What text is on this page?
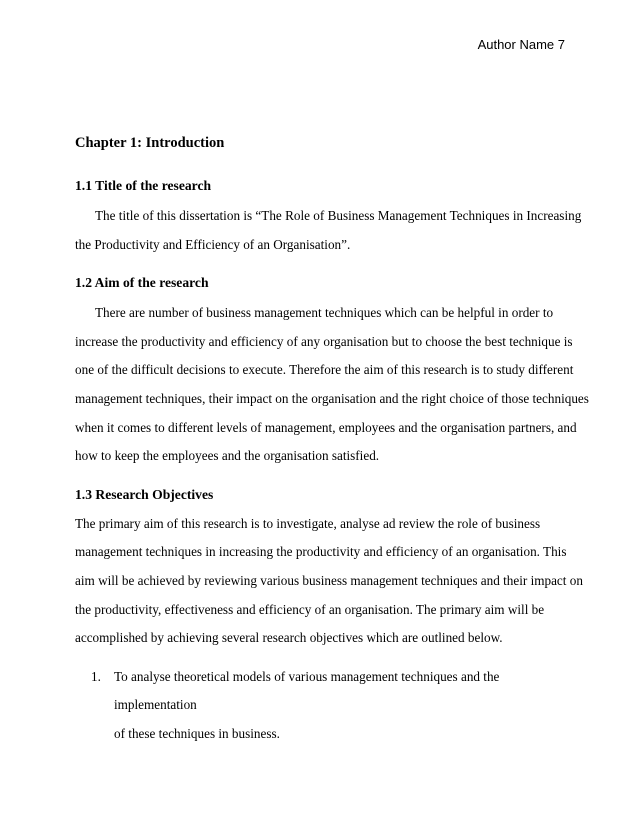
Author Name 7
Chapter 1: Introduction
1.1 Title of the research

The title of this dissertation is “The Role of Business Management Techniques in Increasing
the Productivity and Efficiency of an Organisation”.

1.2 Aim of the research

There are number of business management techniques which can be helpful in order to
increase the productivity and efficiency of any organisation but to choose the best technique is
one of the difficult decisions to execute. Therefore the aim of this research is to study different
management techniques, their impact on the organisation and the right choice of those techniques
when it comes to different levels of management, employees and the organisation partners, and
how to keep the employees and the organisation satisfied.

1.3 Research Objectives

The primary aim of this research is to investigate, analyse ad review the role of business
management techniques in increasing the productivity and efficiency of an organisation. This
aim will be achieved by reviewing various business management techniques and their impact on
the productivity, effectiveness and efficiency of an organisation. The primary aim will be
accomplished by achieving several research objectives which are outlined below.

1. To analyse theoretical models of various management techniques and the implementation
of these techniques in business.
